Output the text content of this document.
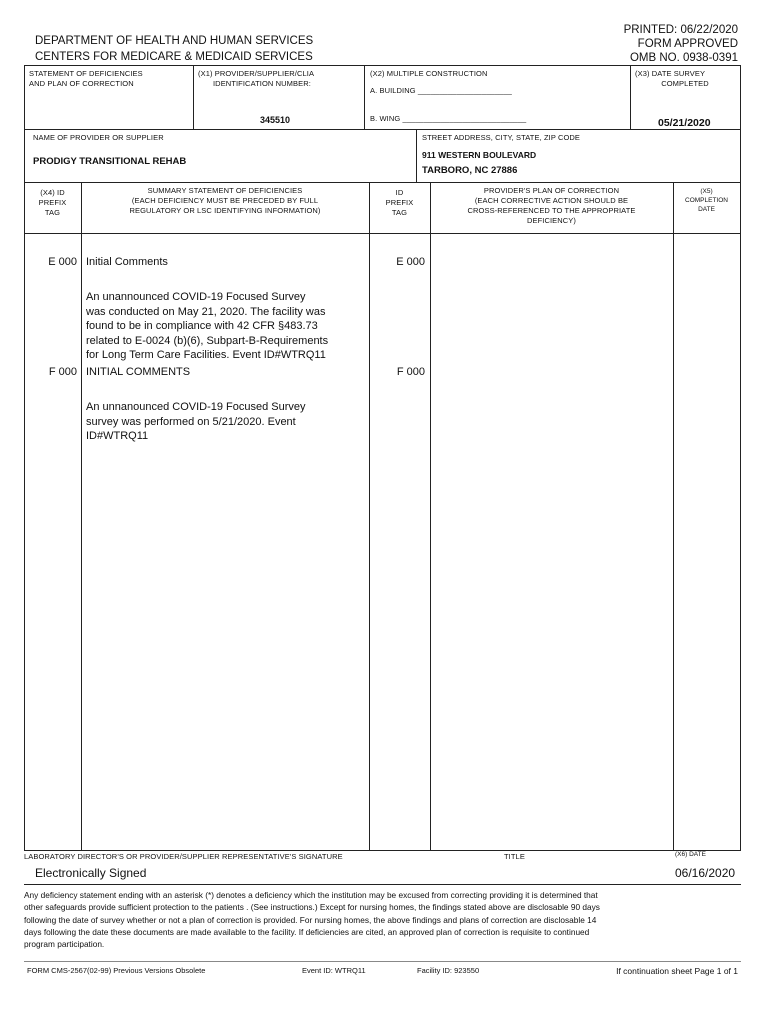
DEPARTMENT OF HEALTH AND HUMAN SERVICES
CENTERS FOR MEDICARE & MEDICAID SERVICES
PRINTED: 06/22/2020
FORM APPROVED
OMB NO. 0938-0391
STATEMENT OF DEFICIENCIES
AND PLAN OF CORRECTION
(X1) PROVIDER/SUPPLIER/CLIA
IDENTIFICATION NUMBER:
345510
(X2) MULTIPLE CONSTRUCTION
A. BUILDING ______________________
B. WING _____________________________
(X3) DATE SURVEY
COMPLETED
05/21/2020
NAME OF PROVIDER OR SUPPLIER
PRODIGY TRANSITIONAL REHAB
STREET ADDRESS, CITY, STATE, ZIP CODE
911 WESTERN BOULEVARD
TARBORO, NC 27886
(X4) ID
PREFIX
TAG
SUMMARY STATEMENT OF DEFICIENCIES
(EACH DEFICIENCY MUST BE PRECEDED BY FULL
REGULATORY OR LSC IDENTIFYING INFORMATION)
ID
PREFIX
TAG
PROVIDER'S PLAN OF CORRECTION
(EACH CORRECTIVE ACTION SHOULD BE
CROSS-REFERENCED TO THE APPROPRIATE
DEFICIENCY)
(X5)
COMPLETION
DATE
E 000 Initial Comments	E 000
An unannounced COVID-19 Focused Survey
was conducted on May 21, 2020. The facility was
found to be in compliance with 42 CFR §483.73
related to E-0024 (b)(6), Subpart-B-Requirements
for Long Term Care Facilities. Event ID#WTRQ11
F 000 INITIAL COMMENTS	F 000
An unnanounced COVID-19 Focused Survey
survey was performed on 5/21/2020. Event
ID#WTRQ11
LABORATORY DIRECTOR'S OR PROVIDER/SUPPLIER REPRESENTATIVE'S SIGNATURE	TITLE	(X6) DATE
Electronically Signed	06/16/2020
Any deficiency statement ending with an asterisk (*) denotes a deficiency which the institution may be excused from correcting providing it is determined that
other safeguards provide sufficient protection to the patients . (See instructions.) Except for nursing homes, the findings stated above are disclosable 90 days
following the date of survey whether or not a plan of correction is provided. For nursing homes, the above findings and plans of correction are disclosable 14
days following the date these documents are made available to the facility. If deficiencies are cited, an approved plan of correction is requisite to continued
program participation.
FORM CMS-2567(02-99) Previous Versions Obsolete	Event ID: WTRQ11	Facility ID: 923550	If continuation sheet Page 1 of 1
